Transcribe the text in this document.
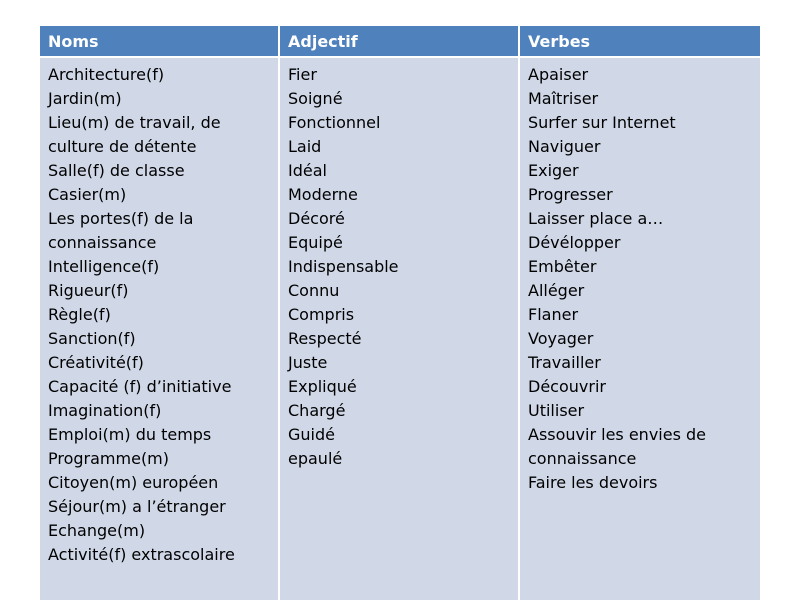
Noms	Adjectif	Verbes
Architecture(f)
Jardin(m)
Lieu(m) de travail, de culture de détente
Salle(f) de classe
Casier(m)
Les portes(f) de la connaissance
Intelligence(f)
Rigueur(f)
Règle(f)
Sanction(f)
Créativité(f)
Capacité (f) d’initiative
Imagination(f)
Emploi(m) du temps
Programme(m)
Citoyen(m) européen
Séjour(m) a l’étranger
Echange(m)
Activité(f) extrascolaire
Fier
Soigné
Fonctionnel
Laid
Idéal
Moderne
Décoré
Equipé
Indispensable
Connu
Compris
Respecté
Juste
Expliqué
Chargé
Guidé
epaulé
Apaiser
Maîtriser
Surfer sur Internet
Naviguer
Exiger
Progresser
Laisser place a…
Dévélopper
Embêter
Alléger
Flaner
Voyager
Travailler
Découvrir
Utiliser
Assouvir les envies de connaissance
Faire les devoirs
